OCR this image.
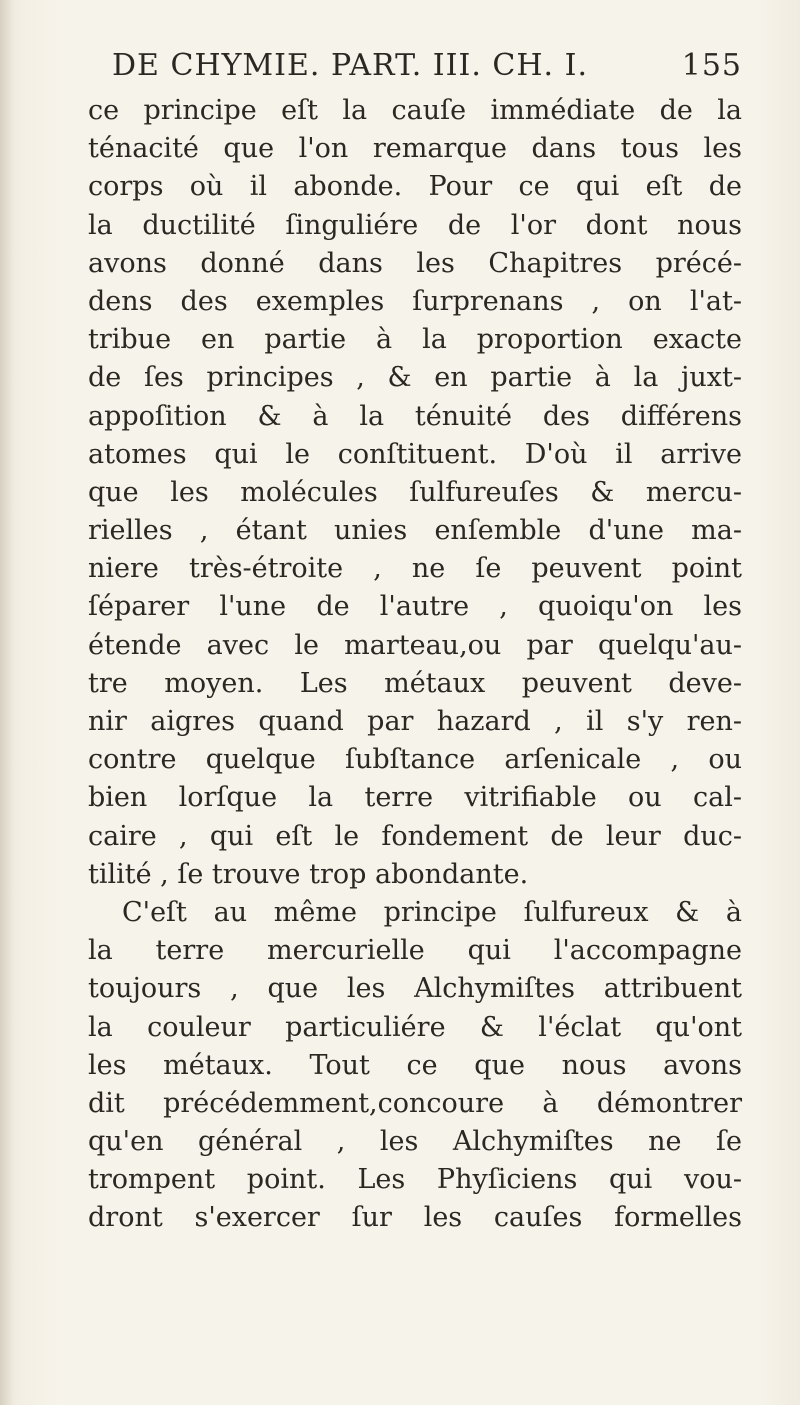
DE CHYMIE. PART. III. CH. I.	155
ce principe eſt la cauſe immédiate de la
ténacité que l'on remarque dans tous les
corps où il abonde. Pour ce qui eſt de
la ductilité ſinguliére de l'or dont nous
avons donné dans les Chapitres précé-
dens des exemples ſurprenans , on l'at-
tribue en partie à la proportion exacte
de ſes principes , & en partie à la juxt-
appoſition & à la ténuité des différens
atomes qui le conſtituent. D'où il arrive
que les molécules ſulfureuſes & mercu-
rielles , étant unies enſemble d'une ma-
niere très-étroite , ne ſe peuvent point
ſéparer l'une de l'autre , quoiqu'on les
étende avec le marteau,ou par quelqu'au-
tre moyen. Les métaux peuvent deve-
nir aigres quand par hazard , il s'y ren-
contre quelque ſubſtance arſenicale , ou
bien lorſque la terre vitrifiable ou cal-
caire , qui eſt le fondement de leur duc-
tilité , ſe trouve trop abondante.
C'eſt au même principe ſulfureux & à
la terre mercurielle qui l'accompagne
toujours , que les Alchymiſtes attribuent
la couleur particuliére & l'éclat qu'ont
les métaux. Tout ce que nous avons
dit précédemment,concoure à démontrer
qu'en général , les Alchymiſtes ne ſe
trompent point. Les Phyſiciens qui vou-
dront s'exercer ſur les cauſes formelles
